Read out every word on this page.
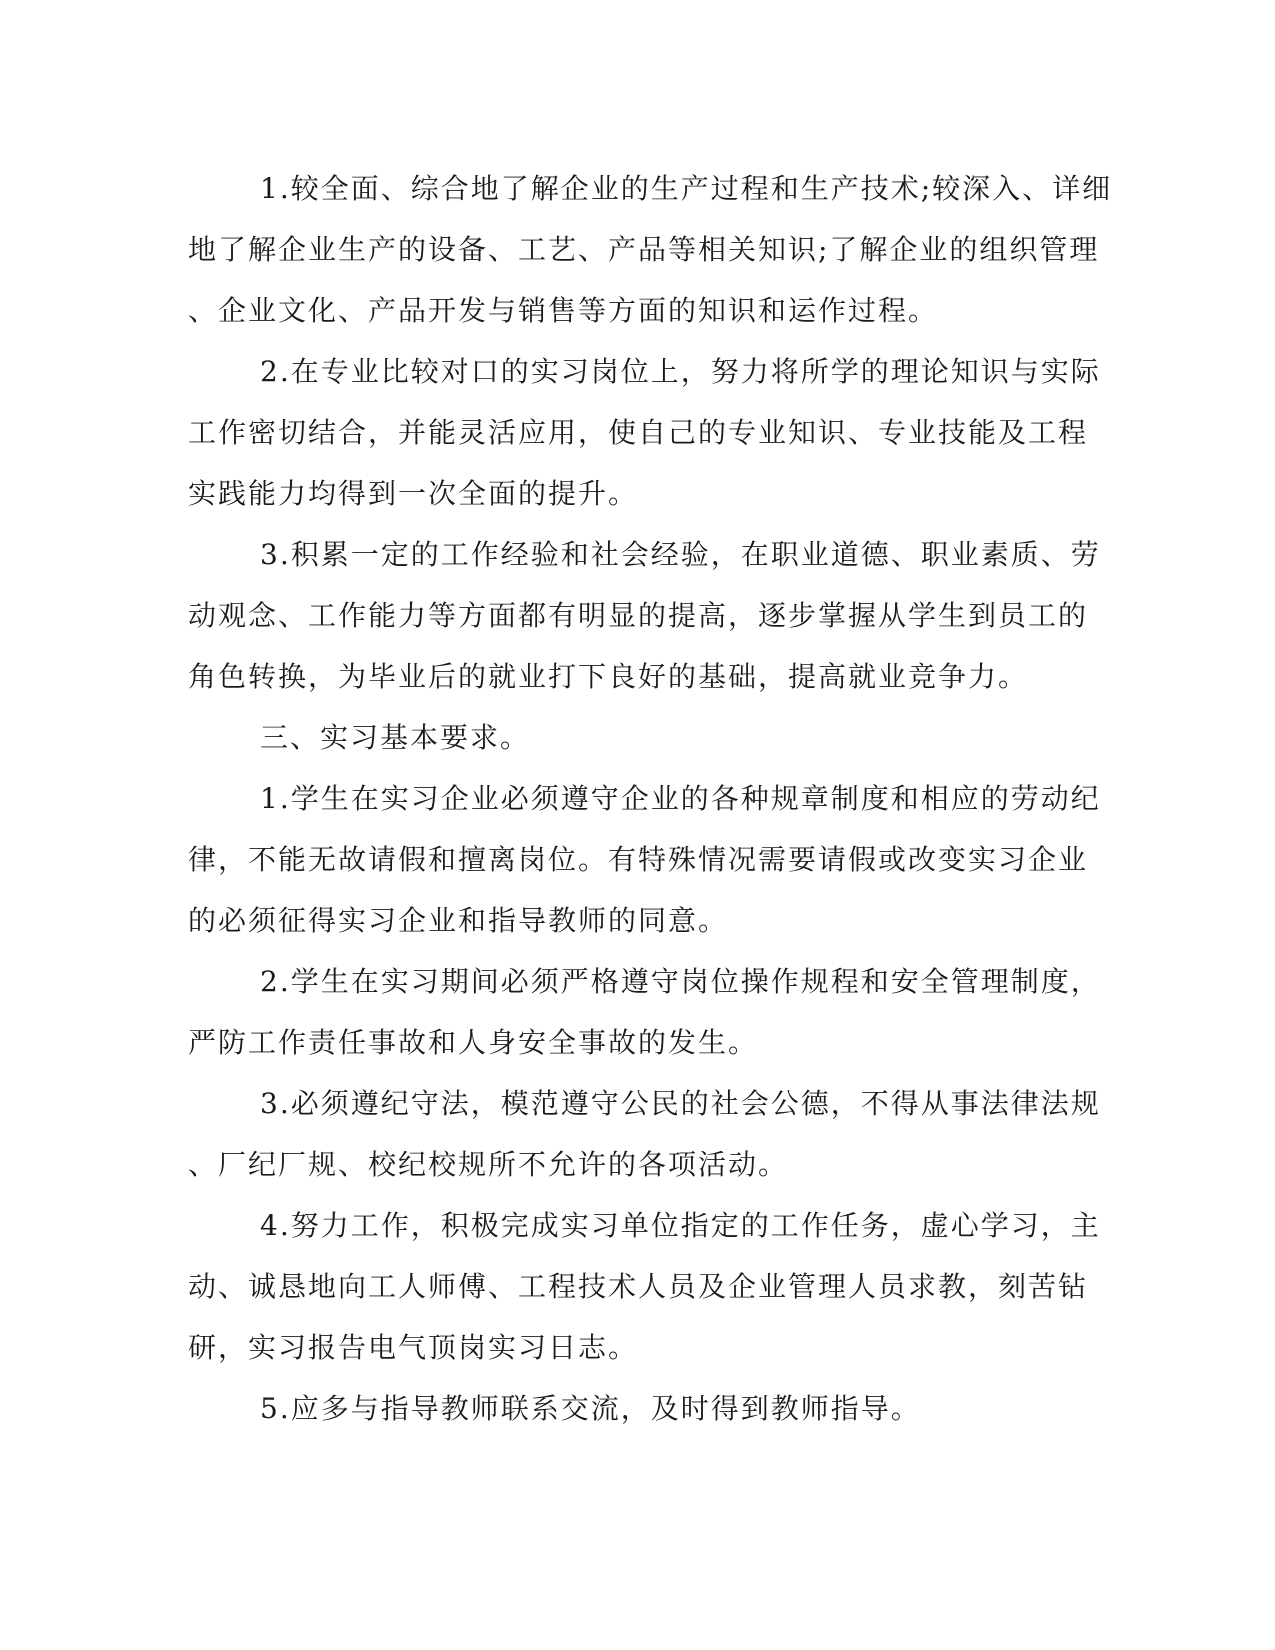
1.较全面、综合地了解企业的生产过程和生产技术;较深入、详细
地了解企业生产的设备、工艺、产品等相关知识;了解企业的组织管理
、企业文化、产品开发与销售等方面的知识和运作过程。
2.在专业比较对口的实习岗位上，努力将所学的理论知识与实际
工作密切结合，并能灵活应用，使自己的专业知识、专业技能及工程
实践能力均得到一次全面的提升。
3.积累一定的工作经验和社会经验，在职业道德、职业素质、劳
动观念、工作能力等方面都有明显的提高，逐步掌握从学生到员工的
角色转换，为毕业后的就业打下良好的基础，提高就业竞争力。
三、实习基本要求。
1.学生在实习企业必须遵守企业的各种规章制度和相应的劳动纪
律，不能无故请假和擅离岗位。有特殊情况需要请假或改变实习企业
的必须征得实习企业和指导教师的同意。
2.学生在实习期间必须严格遵守岗位操作规程和安全管理制度，
严防工作责任事故和人身安全事故的发生。
3.必须遵纪守法，模范遵守公民的社会公德，不得从事法律法规
、厂纪厂规、校纪校规所不允许的各项活动。
4.努力工作，积极完成实习单位指定的工作任务，虚心学习，主
动、诚恳地向工人师傅、工程技术人员及企业管理人员求教，刻苦钻
研，实习报告电气顶岗实习日志。
5.应多与指导教师联系交流，及时得到教师指导。
